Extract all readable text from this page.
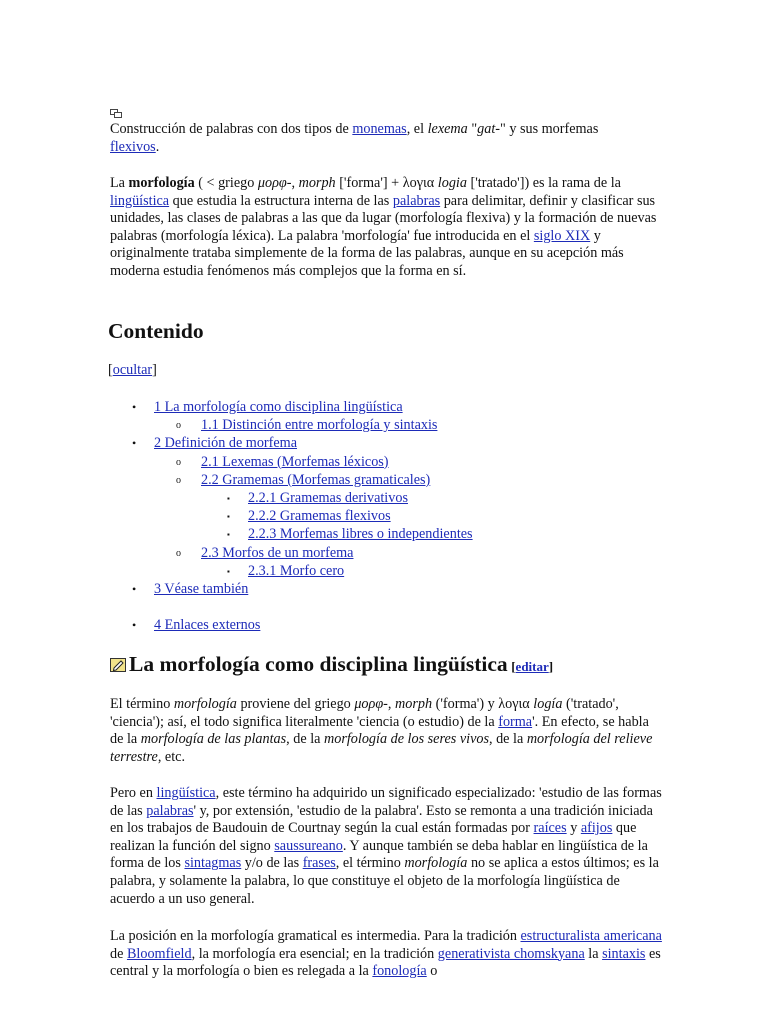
Construcción de palabras con dos tipos de monemas, el lexema "gat-" y sus morfemas flexivos.

La morfología ( < griego μορφ-, morph ['forma'] + λογια logia ['tratado']) es la rama de la lingüística que estudia la estructura interna de las palabras para delimitar, definir y clasificar sus unidades, las clases de palabras a las que da lugar (morfología flexiva) y la formación de nuevas palabras (morfología léxica). La palabra 'morfología' fue introducida en el siglo XIX y originalmente trataba simplemente de la forma de las palabras, aunque en su acepción más moderna estudia fenómenos más complejos que la forma en sí.

Contenido
[ocultar]
• 1 La morfología como disciplina lingüística
o 1.1 Distinción entre morfología y sintaxis
• 2 Definición de morfema
o 2.1 Lexemas (Morfemas léxicos)
o 2.2 Gramemas (Morfemas gramaticales)
▪ 2.2.1 Gramemas derivativos
▪ 2.2.2 Gramemas flexivos
▪ 2.2.3 Morfemas libres o independientes
o 2.3 Morfos de un morfema
▪ 2.3.1 Morfo cero
• 3 Véase también
• 4 Enlaces externos
La morfología como disciplina lingüística [editar]

El término morfología proviene del griego μορφ-, morph ('forma') y λογια logía ('tratado', 'ciencia'); así, el todo significa literalmente 'ciencia (o estudio) de la forma'. En efecto, se habla de la morfología de las plantas, de la morfología de los seres vivos, de la morfología del relieve terrestre, etc.

Pero en lingüística, este término ha adquirido un significado especializado: 'estudio de las formas de las palabras' y, por extensión, 'estudio de la palabra'. Esto se remonta a una tradición iniciada en los trabajos de Baudouin de Courtnay según la cual están formadas por raíces y afijos que realizan la función del signo saussureano. Y aunque también se deba hablar en lingüística de la forma de los sintagmas y/o de las frases, el término morfología no se aplica a estos últimos; es la palabra, y solamente la palabra, lo que constituye el objeto de la morfología lingüística de acuerdo a un uso general.

La posición en la morfología gramatical es intermedia. Para la tradición estructuralista americana de Bloomfield, la morfología era esencial; en la tradición generativista chomskyana la sintaxis es central y la morfología o bien es relegada a la fonología o
